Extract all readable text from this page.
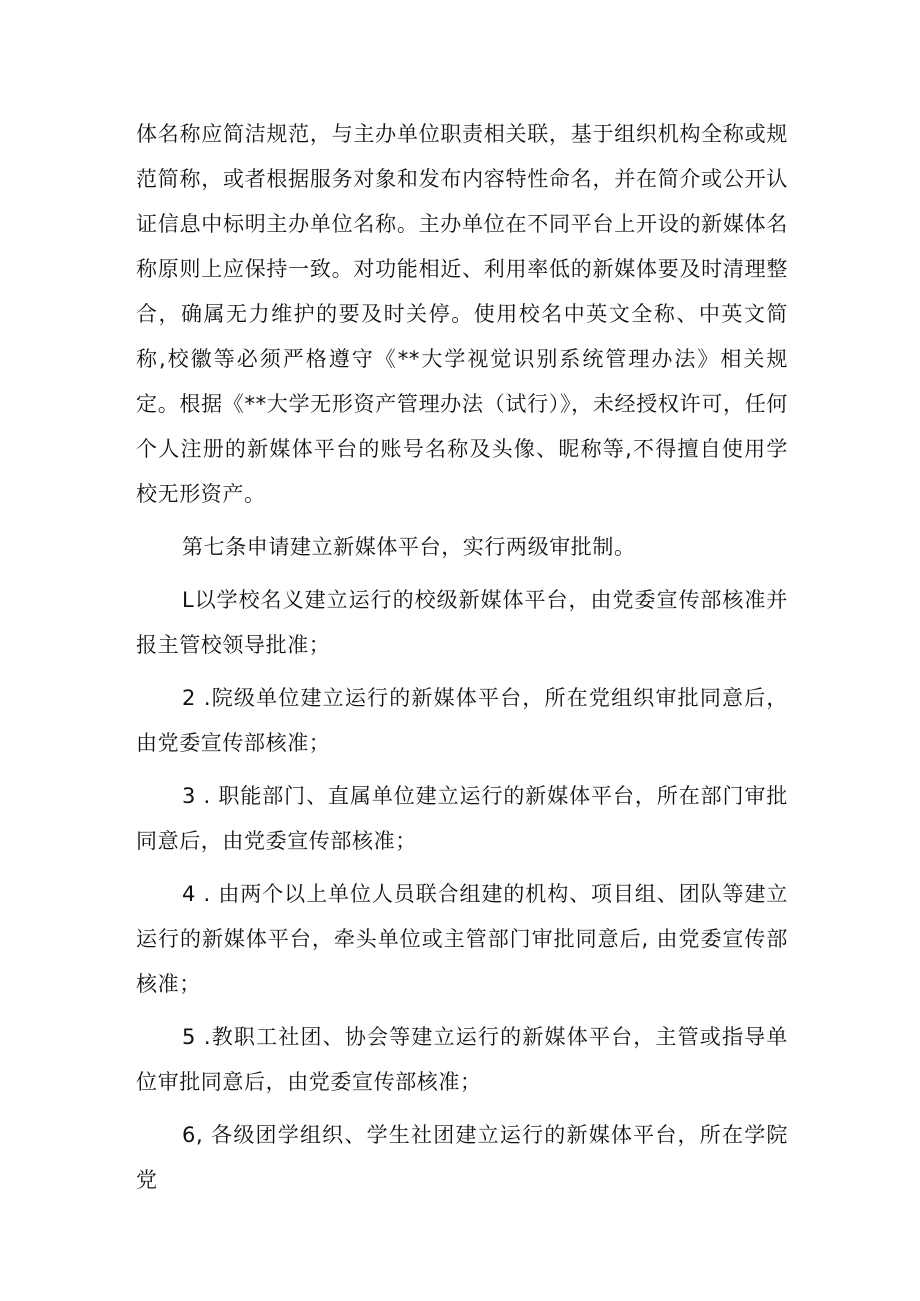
体名称应简洁规范，与主办单位职责相关联，基于组织机构全称或规范简称，或者根据服务对象和发布内容特性命名，并在简介或公开认证信息中标明主办单位名称。主办单位在不同平台上开设的新媒体名称原则上应保持一致。对功能相近、利用率低的新媒体要及时清理整合，确属无力维护的要及时关停。使用校名中英文全称、中英文简称,校徽等必须严格遵守《**大学视觉识别系统管理办法》相关规定。根据《**大学无形资产管理办法（试行）》，未经授权许可，任何个人注册的新媒体平台的账号名称及头像、昵称等,不得擅自使用学校无形资产。

第七条申请建立新媒体平台，实行两级审批制。

L以学校名义建立运行的校级新媒体平台，由党委宣传部核准并报主管校领导批准；

2 .院级单位建立运行的新媒体平台，所在党组织审批同意后，由党委宣传部核准；

3 . 职能部门、直属单位建立运行的新媒体平台，所在部门审批同意后，由党委宣传部核准；

4 . 由两个以上单位人员联合组建的机构、项目组、团队等建立运行的新媒体平台，牵头单位或主管部门审批同意后, 由党委宣传部核准；

5 .教职工社团、协会等建立运行的新媒体平台，主管或指导单位审批同意后，由党委宣传部核准；

6, 各级团学组织、学生社团建立运行的新媒体平台，所在学院党
